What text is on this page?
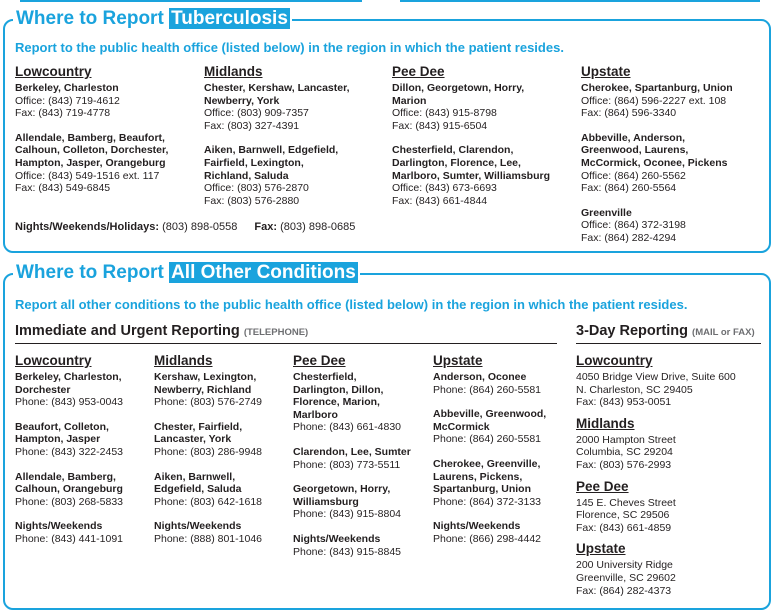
Where to Report Tuberculosis
Report to the public health office (listed below) in the region in which the patient resides.
Lowcountry
Berkeley, Charleston
Office: (843) 719-4612
Fax: (843) 719-4778
Allendale, Bamberg, Beaufort,
Calhoun, Colleton, Dorchester,
Hampton, Jasper, Orangeburg
Office: (843) 549-1516 ext. 117
Fax: (843) 549-6845
Midlands
Chester, Kershaw, Lancaster,
Newberry, York
Office: (803) 909-7357
Fax: (803) 327-4391
Aiken, Barnwell, Edgefield,
Fairfield, Lexington,
Richland, Saluda
Office: (803) 576-2870
Fax: (803) 576-2880
Pee Dee
Dillon, Georgetown, Horry,
Marion
Office: (843) 915-8798
Fax: (843) 915-6504
Chesterfield, Clarendon,
Darlington, Florence, Lee,
Marlboro, Sumter, Williamsburg
Office: (843) 673-6693
Fax: (843) 661-4844
Upstate
Cherokee, Spartanburg, Union
Office: (864) 596-2227 ext. 108
Fax: (864) 596-3340
Abbeville, Anderson,
Greenwood, Laurens,
McCormick, Oconee, Pickens
Office: (864) 260-5562
Fax: (864) 260-5564
Greenville
Office: (864) 372-3198
Fax: (864) 282-4294
Nights/Weekends/Holidays: (803) 898-0558 Fax: (803) 898-0685
Where to Report All Other Conditions
Report all other conditions to the public health office (listed below) in the region in which the patient resides.
Immediate and Urgent Reporting (TELEPHONE)	3-Day Reporting (MAIL or FAX)
Lowcountry
Berkeley, Charleston,
Dorchester
Phone: (843) 953-0043
Beaufort, Colleton,
Hampton, Jasper
Phone: (843) 322-2453
Allendale, Bamberg,
Calhoun, Orangeburg
Phone: (803) 268-5833
Nights/Weekends
Phone: (843) 441-1091
Midlands
Kershaw, Lexington,
Newberry, Richland
Phone: (803) 576-2749
Chester, Fairfield,
Lancaster, York
Phone: (803) 286-9948
Aiken, Barnwell,
Edgefield, Saluda
Phone: (803) 642-1618
Nights/Weekends
Phone: (888) 801-1046
Pee Dee
Chesterfield,
Darlington, Dillon,
Florence, Marion,
Marlboro
Phone: (843) 661-4830
Clarendon, Lee, Sumter
Phone: (803) 773-5511
Georgetown, Horry,
Williamsburg
Phone: (843) 915-8804
Nights/Weekends
Phone: (843) 915-8845
Upstate
Anderson, Oconee
Phone: (864) 260-5581
Abbeville, Greenwood,
McCormick
Phone: (864) 260-5581
Cherokee, Greenville,
Laurens, Pickens,
Spartanburg, Union
Phone: (864) 372-3133
Nights/Weekends
Phone: (866) 298-4442
Lowcountry
4050 Bridge View Drive, Suite 600
N. Charleston, SC 29405
Fax: (843) 953-0051
Midlands
2000 Hampton Street
Columbia, SC 29204
Fax: (803) 576-2993
Pee Dee
145 E. Cheves Street
Florence, SC 29506
Fax: (843) 661-4859
Upstate
200 University Ridge
Greenville, SC 29602
Fax: (864) 282-4373
